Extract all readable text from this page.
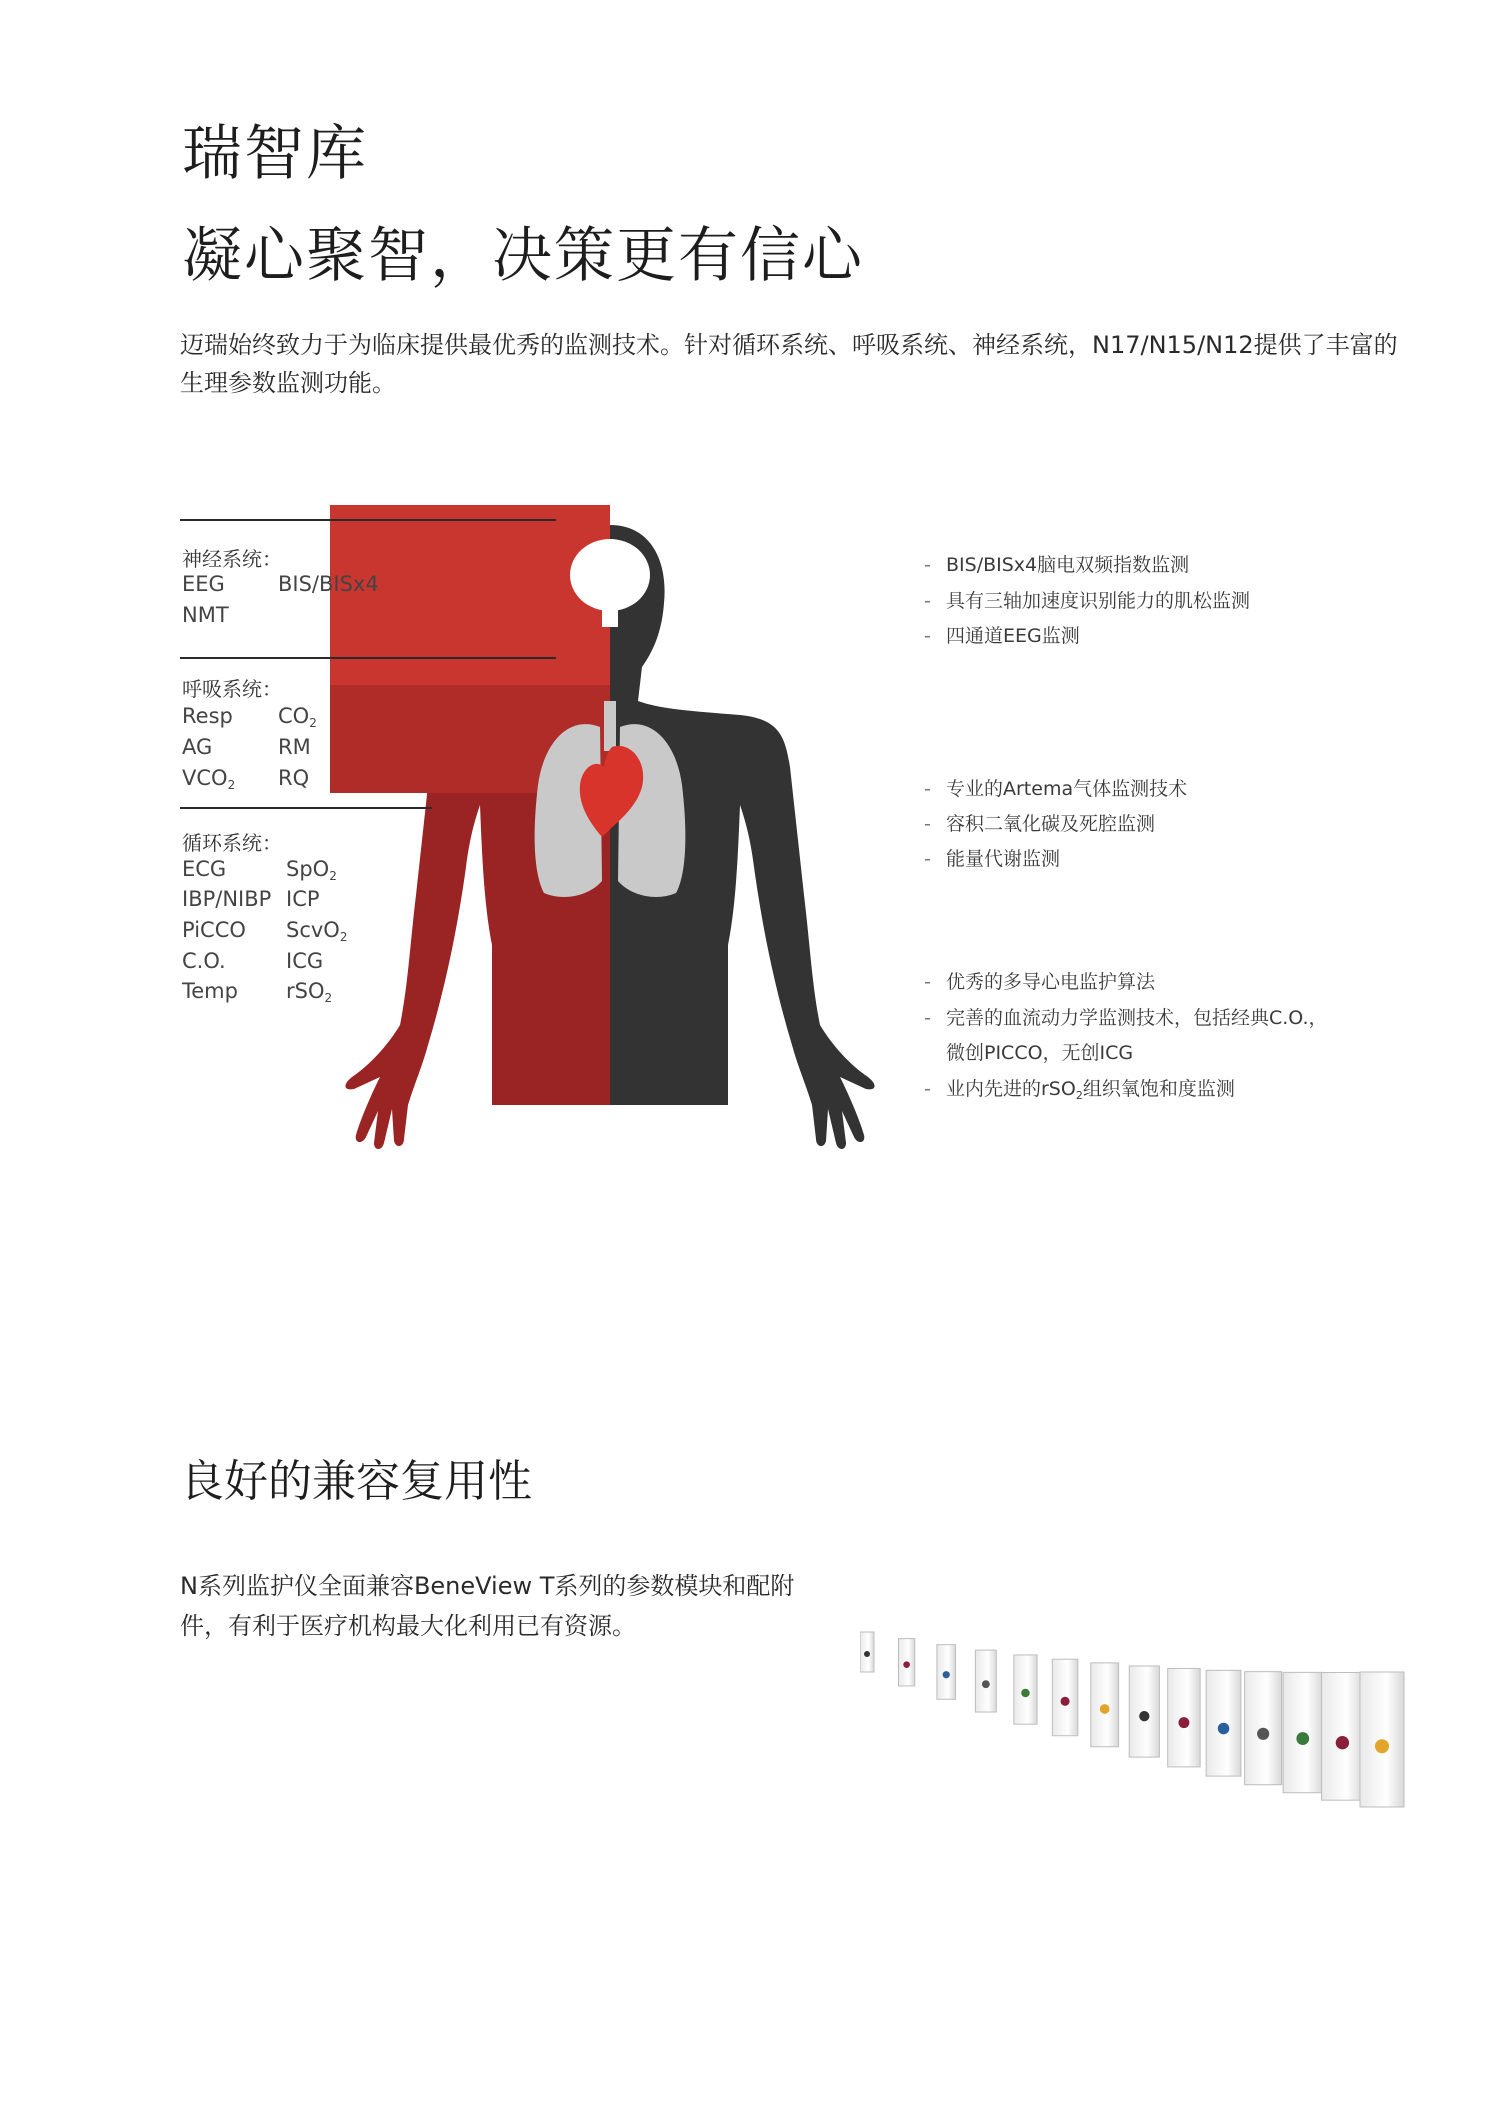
瑞智库
凝心聚智，决策更有信心
迈瑞始终致力于为临床提供最优秀的监测技术。针对循环系统、呼吸系统、神经系统，N17/N15/N12提供了丰富的生理参数监测功能。
神经系统：
EEG	BIS/BISx4
NMT
呼吸系统：
Resp $CO_2$
AG	RM
$VCO_2$ RQ
循环系统：
ECG	SpO$_2$
IBP/NIBP ICP
PiCCO ScvO$_2$
C.O.	ICG
Temp rSO$_2$
- BIS/BISx4脑电双频指数监测
- 具有三轴加速度识别能力的肌松监测
- 四通道EEG监测
- 专业的Artema气体监测技术
- 容积二氧化碳及死腔监测
- 能量代谢监测
- 优秀的多导心电监护算法
- 完善的血流动力学监测技术，包括经典C.O.，
微创PICCO，无创ICG
- 业内先进的rSO$_2$组织氧饱和度监测
良好的兼容复用性
N系列监护仪全面兼容BeneView T系列的参数模块和配附件，有利于医疗机构最大化利用已有资源。
